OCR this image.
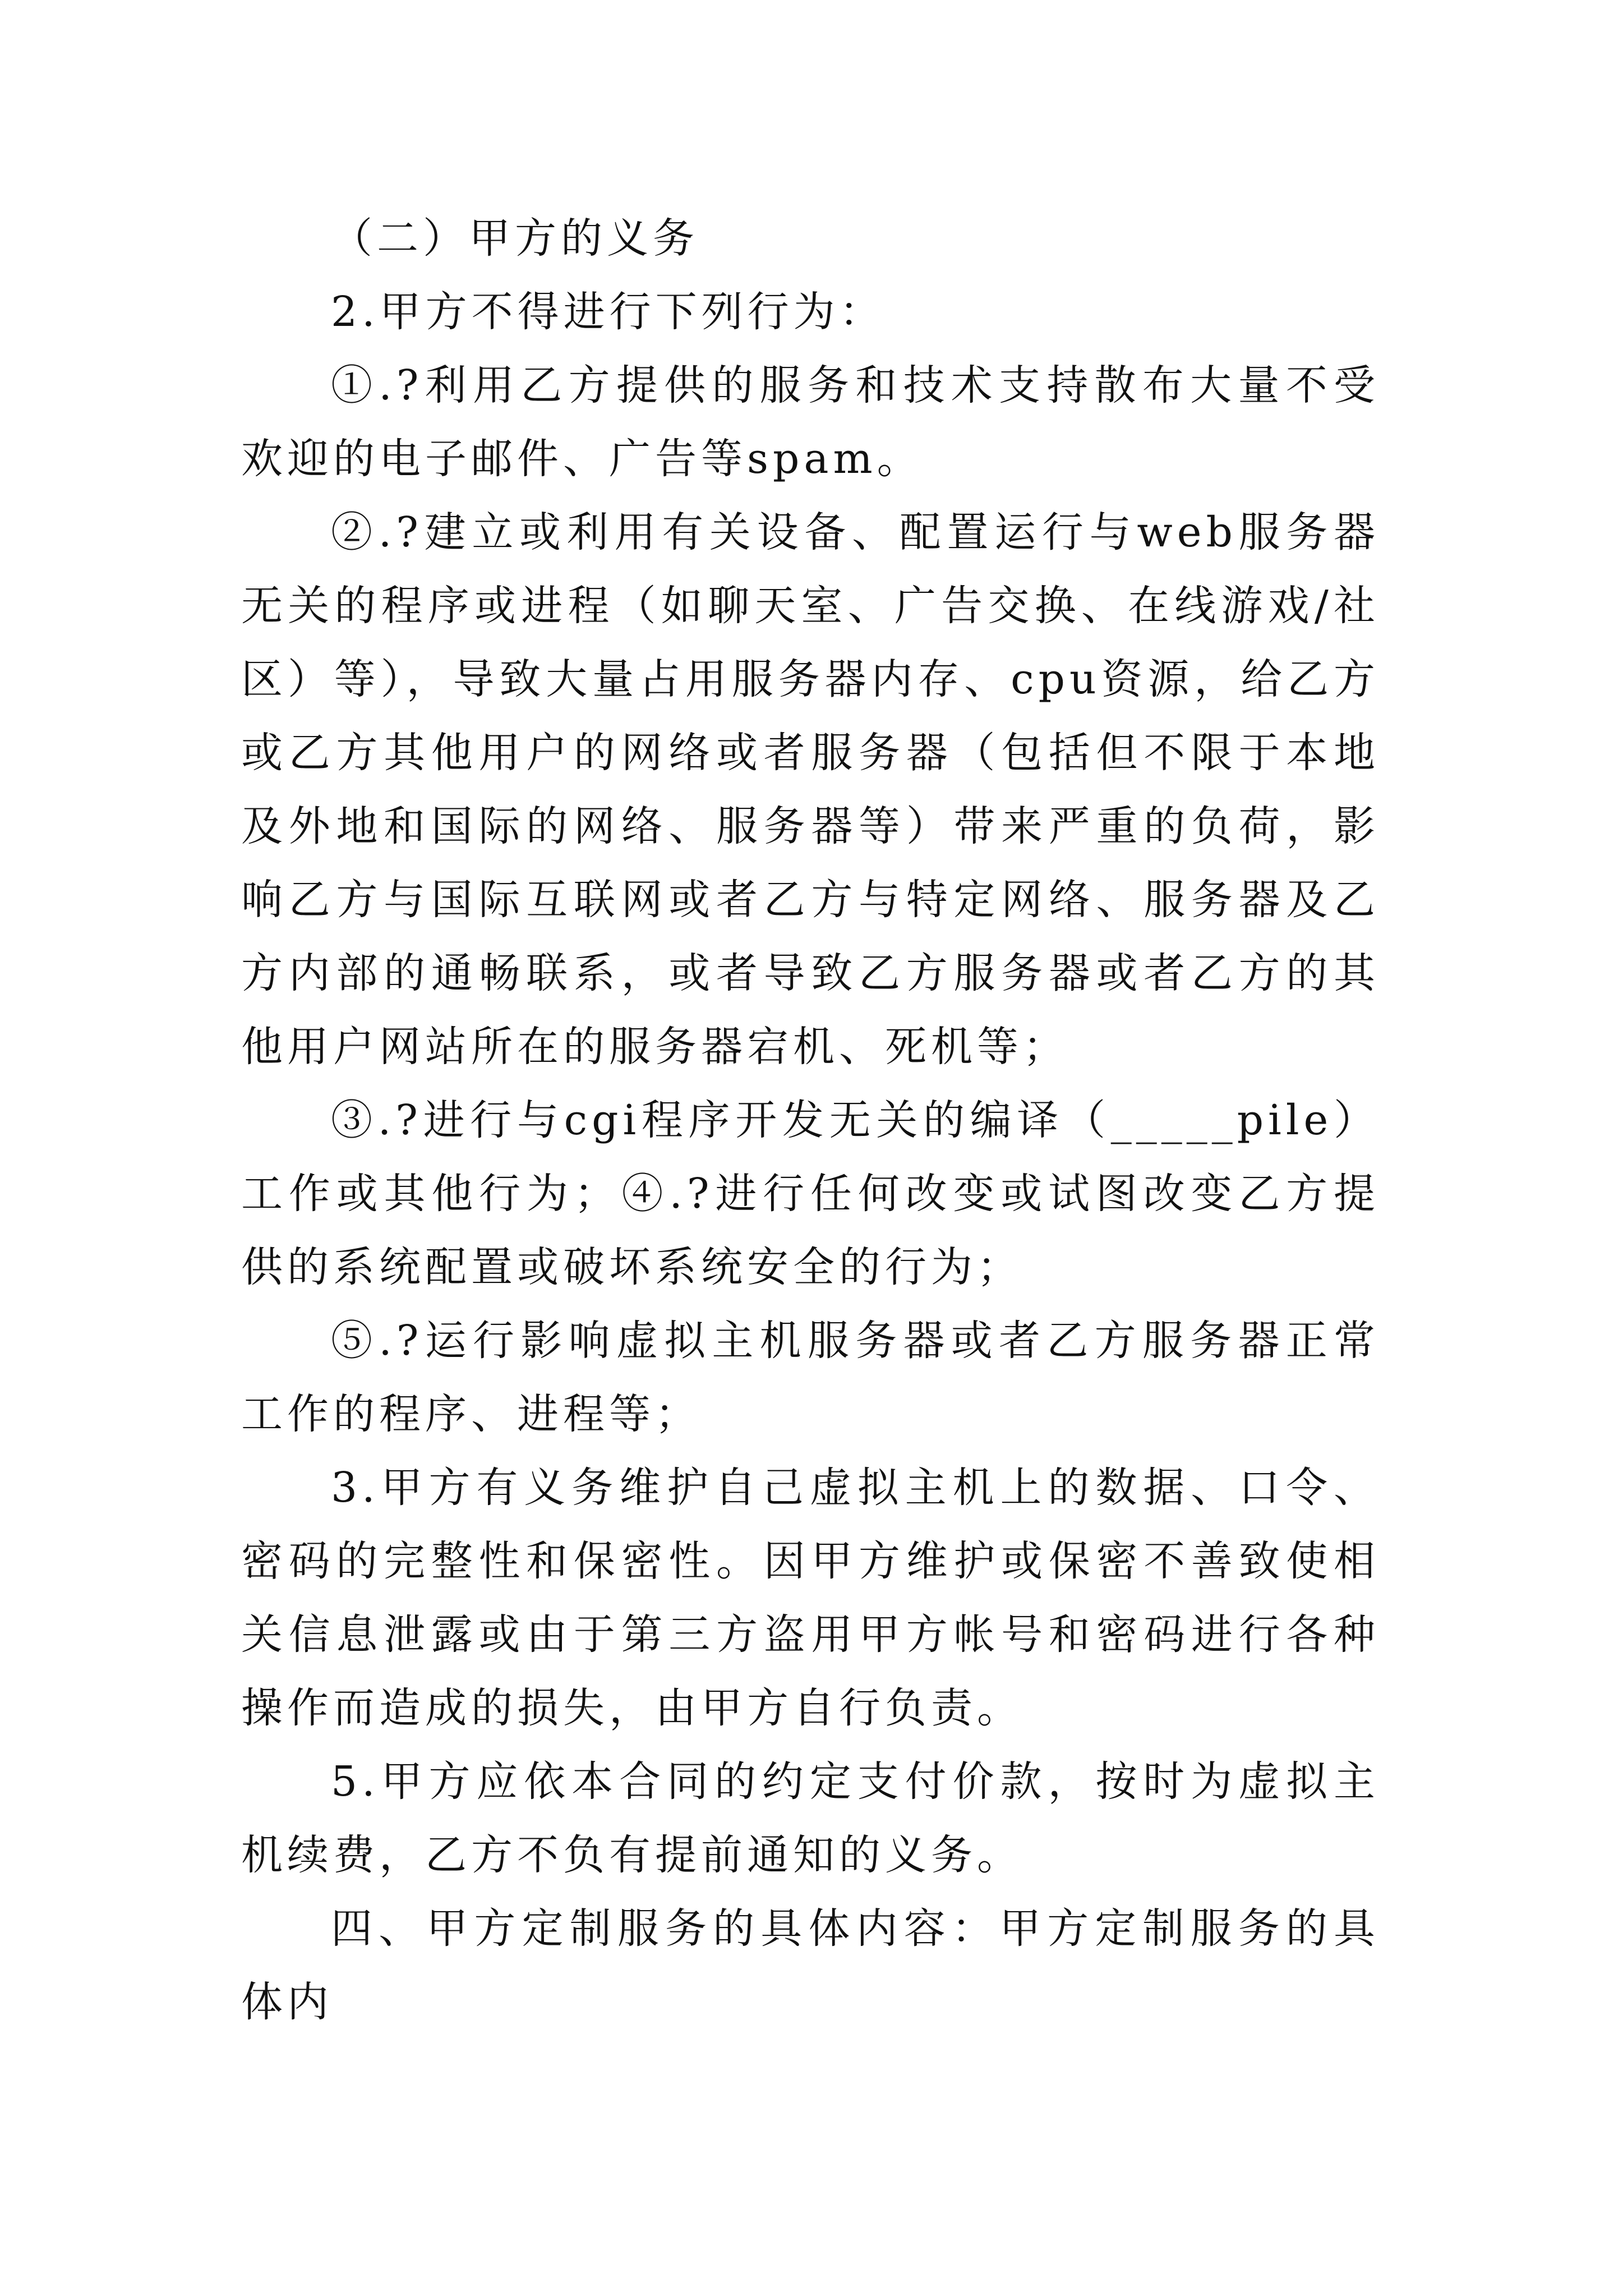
（二）甲方的义务

2.甲方不得进行下列行为：

①.?利用乙方提供的服务和技术支持散布大量不受欢迎的电子邮件、广告等spam。

②.?建立或利用有关设备、配置运行与web服务器无关的程序或进程（如聊天室、广告交换、在线游戏/社区）等），导致大量占用服务器内存、cpu资源，给乙方或乙方其他用户的网络或者服务器（包括但不限于本地及外地和国际的网络、服务器等）带来严重的负荷，影响乙方与国际互联网或者乙方与特定网络、服务器及乙方内部的通畅联系，或者导致乙方服务器或者乙方的其他用户网站所在的服务器宕机、死机等；

③.?进行与cgi程序开发无关的编译（_____pile）工作或其他行为；④.?进行任何改变或试图改变乙方提供的系统配置或破坏系统安全的行为；

⑤.?运行影响虚拟主机服务器或者乙方服务器正常工作的程序、进程等；

3.甲方有义务维护自己虚拟主机上的数据、口令、密码的完整性和保密性。因甲方维护或保密不善致使相关信息泄露或由于第三方盗用甲方帐号和密码进行各种操作而造成的损失，由甲方自行负责。

5.甲方应依本合同的约定支付价款，按时为虚拟主机续费，乙方不负有提前通知的义务。

四、甲方定制服务的具体内容：甲方定制服务的具体内
